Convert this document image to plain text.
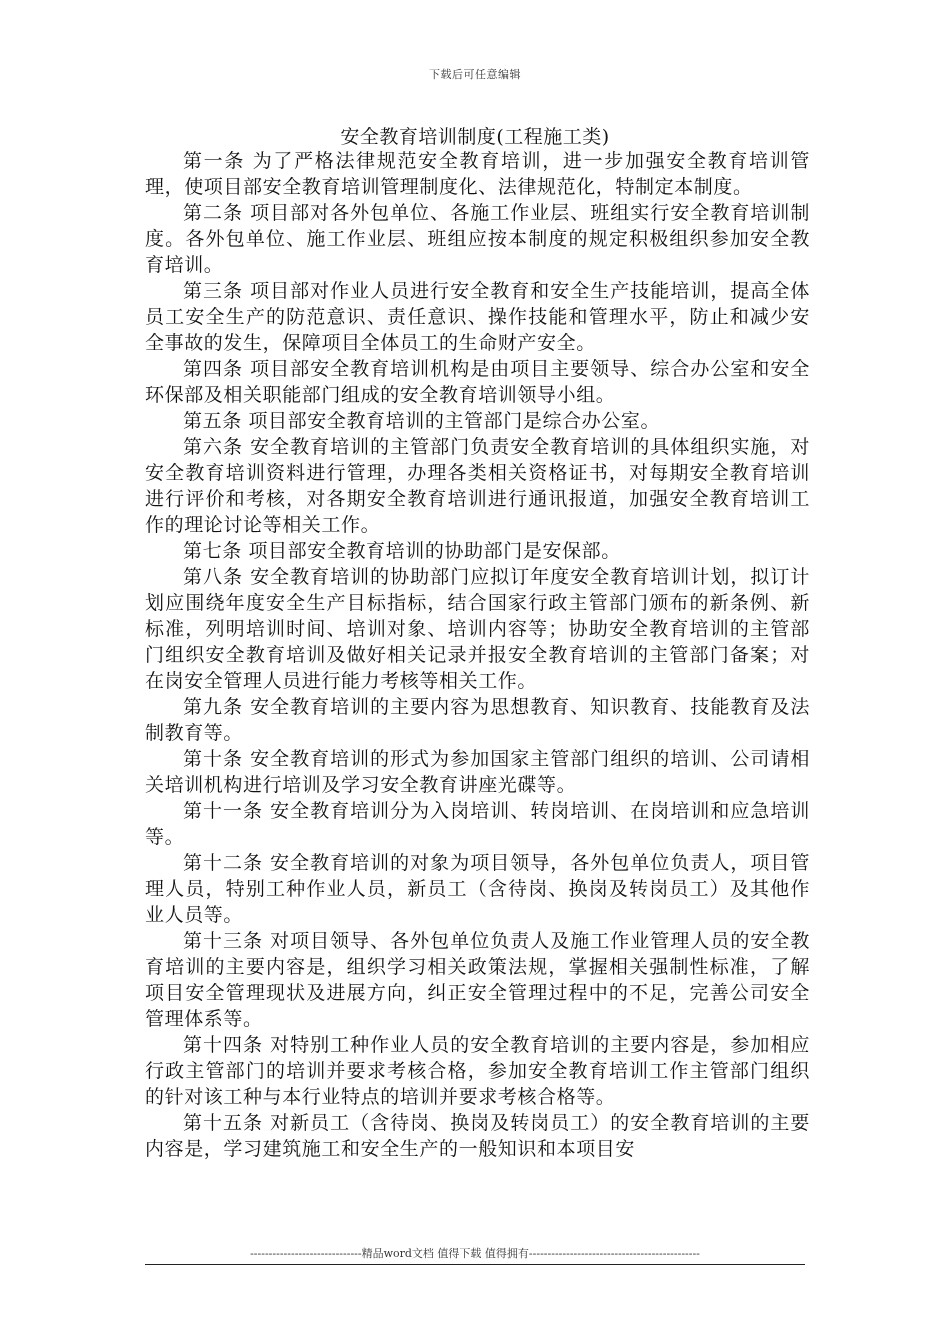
下载后可任意编辑
安全教育培训制度(工程施工类)

第一条 为了严格法律规范安全教育培训，进一步加强安全教育培训管理，使项目部安全教育培训管理制度化、法律规范化，特制定本制度。

第二条 项目部对各外包单位、各施工作业层、班组实行安全教育培训制度。各外包单位、施工作业层、班组应按本制度的规定积极组织参加安全教育培训。

第三条 项目部对作业人员进行安全教育和安全生产技能培训，提高全体员工安全生产的防范意识、责任意识、操作技能和管理水平，防止和减少安全事故的发生，保障项目全体员工的生命财产安全。

第四条 项目部安全教育培训机构是由项目主要领导、综合办公室和安全环保部及相关职能部门组成的安全教育培训领导小组。

第五条 项目部安全教育培训的主管部门是综合办公室。

第六条 安全教育培训的主管部门负责安全教育培训的具体组织实施，对安全教育培训资料进行管理，办理各类相关资格证书，对每期安全教育培训进行评价和考核，对各期安全教育培训进行通讯报道，加强安全教育培训工作的理论讨论等相关工作。

第七条 项目部安全教育培训的协助部门是安保部。

第八条 安全教育培训的协助部门应拟订年度安全教育培训计划，拟订计划应围绕年度安全生产目标指标，结合国家行政主管部门颁布的新条例、新标准，列明培训时间、培训对象、培训内容等；协助安全教育培训的主管部门组织安全教育培训及做好相关记录并报安全教育培训的主管部门备案；对在岗安全管理人员进行能力考核等相关工作。

第九条 安全教育培训的主要内容为思想教育、知识教育、技能教育及法制教育等。

第十条 安全教育培训的形式为参加国家主管部门组织的培训、公司请相关培训机构进行培训及学习安全教育讲座光碟等。

第十一条 安全教育培训分为入岗培训、转岗培训、在岗培训和应急培训等。

第十二条 安全教育培训的对象为项目领导，各外包单位负责人，项目管理人员，特别工种作业人员，新员工（含待岗、换岗及转岗员工）及其他作业人员等。

第十三条 对项目领导、各外包单位负责人及施工作业管理人员的安全教育培训的主要内容是，组织学习相关政策法规，掌握相关强制性标准，了解项目安全管理现状及进展方向，纠正安全管理过程中的不足，完善公司安全管理体系等。

第十四条 对特别工种作业人员的安全教育培训的主要内容是，参加相应行政主管部门的培训并要求考核合格，参加安全教育培训工作主管部门组织的针对该工种与本行业特点的培训并要求考核合格等。

第十五条 对新员工（含待岗、换岗及转岗员工）的安全教育培训的主要内容是，学习建筑施工和安全生产的一般知识和本项目安

------------------------------精品word文档 值得下载 值得拥有----------------------------------------------
